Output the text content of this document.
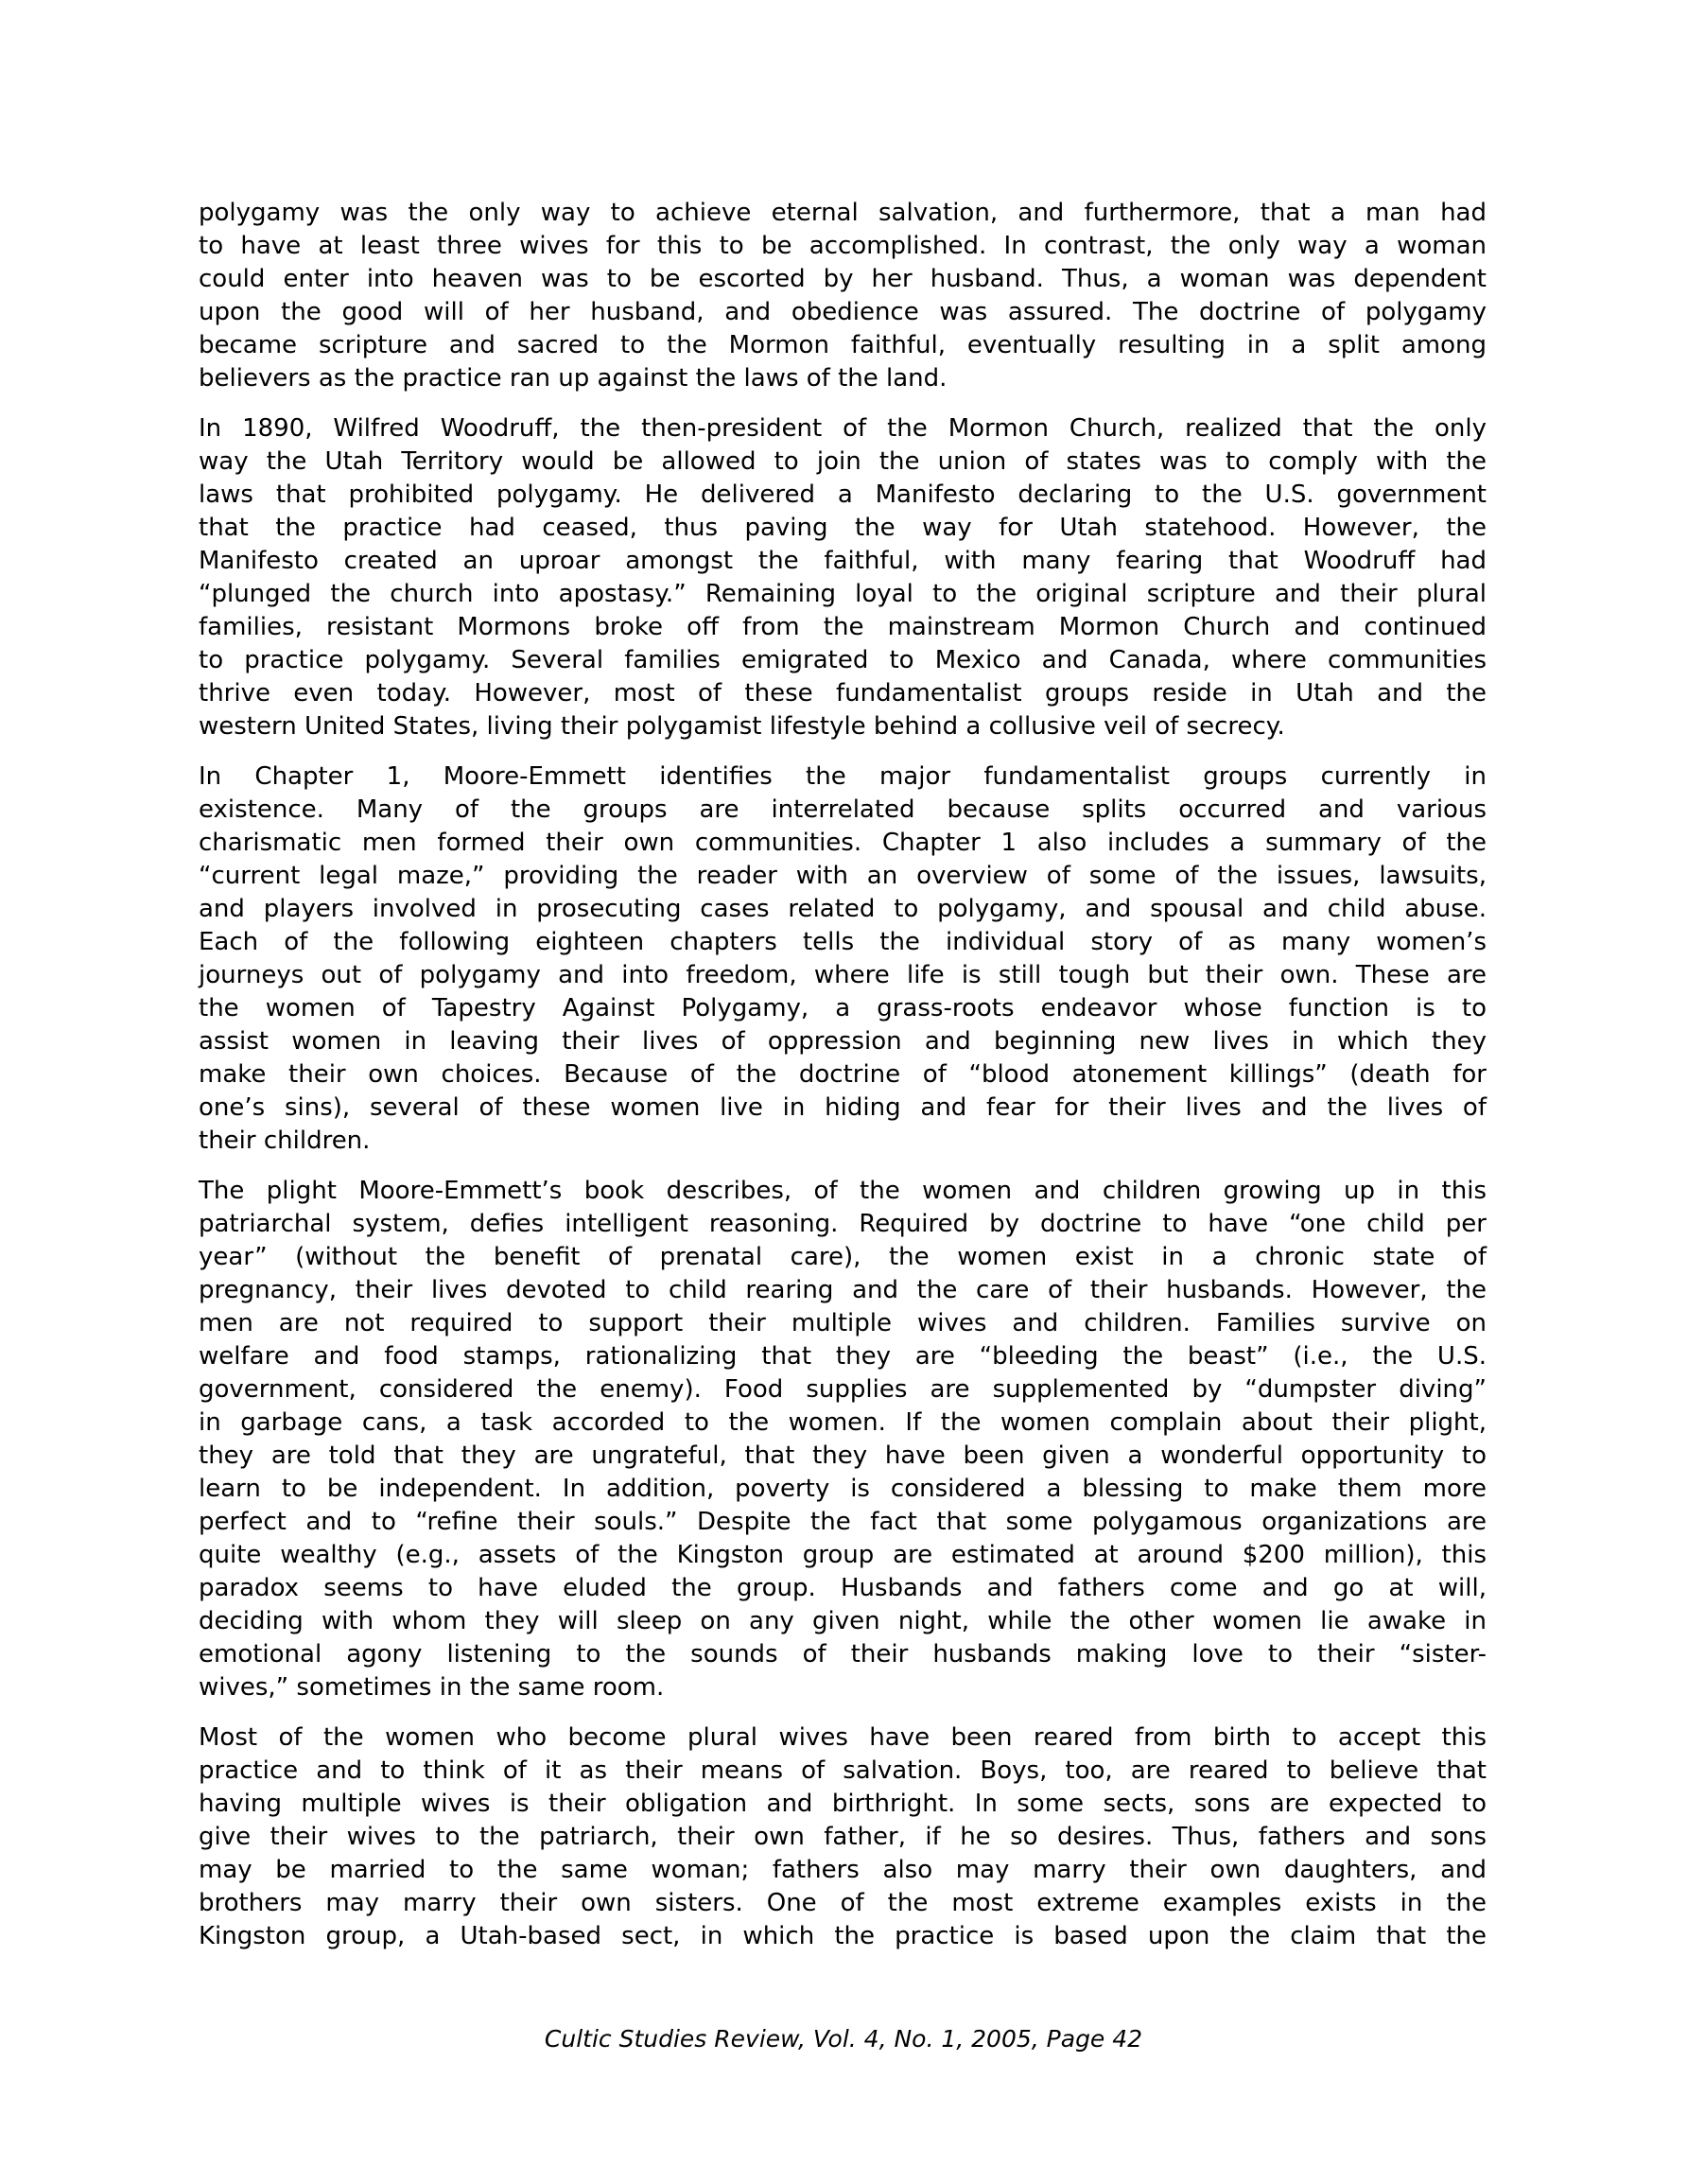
polygamy was the only way to achieve eternal salvation, and furthermore, that a man had
to have at least three wives for this to be accomplished. In contrast, the only way a woman
could enter into heaven was to be escorted by her husband. Thus, a woman was dependent
upon the good will of her husband, and obedience was assured. The doctrine of polygamy
became scripture and sacred to the Mormon faithful, eventually resulting in a split among
believers as the practice ran up against the laws of the land.

In 1890, Wilfred Woodruff, the then-president of the Mormon Church, realized that the only
way the Utah Territory would be allowed to join the union of states was to comply with the
laws that prohibited polygamy. He delivered a Manifesto declaring to the U.S. government
that the practice had ceased, thus paving the way for Utah statehood. However, the
Manifesto created an uproar amongst the faithful, with many fearing that Woodruff had
“plunged the church into apostasy.” Remaining loyal to the original scripture and their plural
families, resistant Mormons broke off from the mainstream Mormon Church and continued
to practice polygamy. Several families emigrated to Mexico and Canada, where communities
thrive even today. However, most of these fundamentalist groups reside in Utah and the
western United States, living their polygamist lifestyle behind a collusive veil of secrecy.

In Chapter 1, Moore-Emmett identifies the major fundamentalist groups currently in
existence. Many of the groups are interrelated because splits occurred and various
charismatic men formed their own communities. Chapter 1 also includes a summary of the
“current legal maze,” providing the reader with an overview of some of the issues, lawsuits,
and players involved in prosecuting cases related to polygamy, and spousal and child abuse.
Each of the following eighteen chapters tells the individual story of as many women’s
journeys out of polygamy and into freedom, where life is still tough but their own. These are
the women of Tapestry Against Polygamy, a grass-roots endeavor whose function is to
assist women in leaving their lives of oppression and beginning new lives in which they
make their own choices. Because of the doctrine of “blood atonement killings” (death for
one’s sins), several of these women live in hiding and fear for their lives and the lives of
their children.

The plight Moore-Emmett’s book describes, of the women and children growing up in this
patriarchal system, defies intelligent reasoning. Required by doctrine to have “one child per
year” (without the benefit of prenatal care), the women exist in a chronic state of
pregnancy, their lives devoted to child rearing and the care of their husbands. However, the
men are not required to support their multiple wives and children. Families survive on
welfare and food stamps, rationalizing that they are “bleeding the beast” (i.e., the U.S.
government, considered the enemy). Food supplies are supplemented by “dumpster diving”
in garbage cans, a task accorded to the women. If the women complain about their plight,
they are told that they are ungrateful, that they have been given a wonderful opportunity to
learn to be independent. In addition, poverty is considered a blessing to make them more
perfect and to “refine their souls.” Despite the fact that some polygamous organizations are
quite wealthy (e.g., assets of the Kingston group are estimated at around $200 million), this
paradox seems to have eluded the group. Husbands and fathers come and go at will,
deciding with whom they will sleep on any given night, while the other women lie awake in
emotional agony listening to the sounds of their husbands making love to their “sister-
wives,” sometimes in the same room.

Most of the women who become plural wives have been reared from birth to accept this
practice and to think of it as their means of salvation. Boys, too, are reared to believe that
having multiple wives is their obligation and birthright. In some sects, sons are expected to
give their wives to the patriarch, their own father, if he so desires. Thus, fathers and sons
may be married to the same woman; fathers also may marry their own daughters, and
brothers may marry their own sisters. One of the most extreme examples exists in the
Kingston group, a Utah-based sect, in which the practice is based upon the claim that the

Cultic Studies Review, Vol. 4, No. 1, 2005, Page 42
